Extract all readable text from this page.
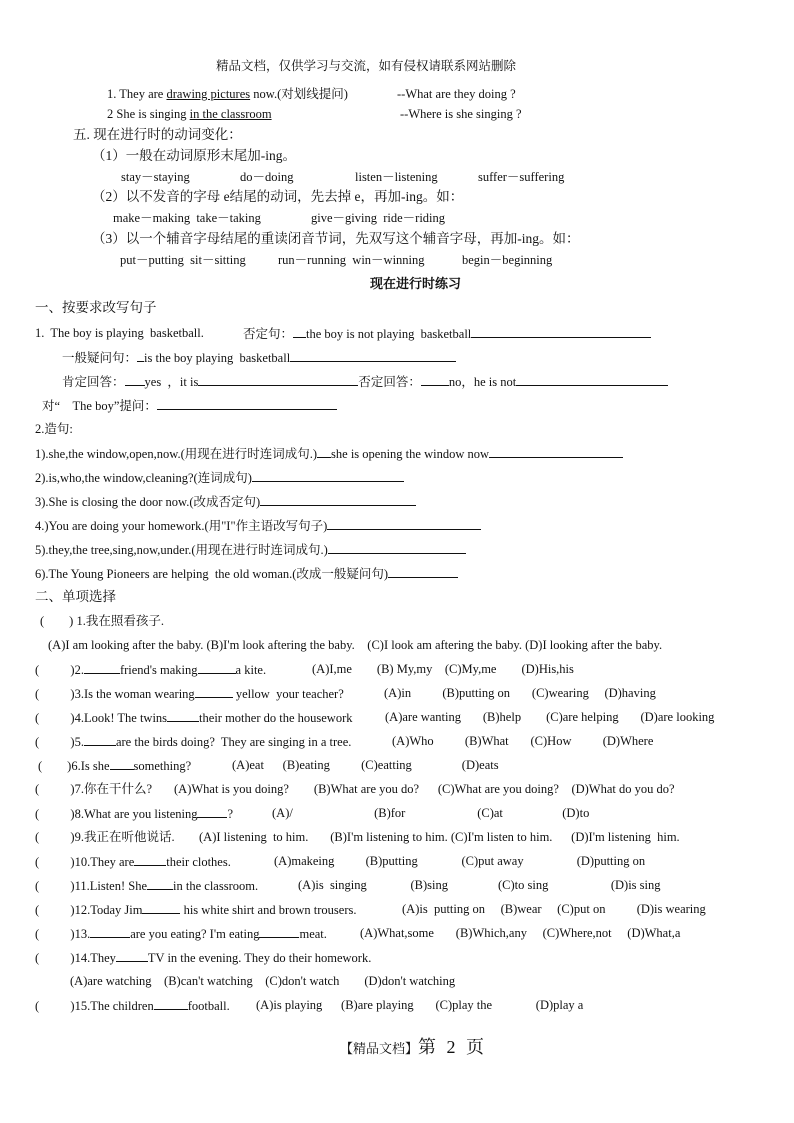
精品文档，仅供学习与交流，如有侵权请联系网站删除
1. They are drawing pictures now.(对划线提问)	--What are they doing ?
2 She is singing in the classroom	--Where is she singing ?
五. 现在进行时的动词变化：
（1）一般在动词原形末尾加-ing。
stay－staying	do－doing	listen－listening	suffer－suffering
（2）以不发音的字母 e结尾的动词，先去掉 e，再加-ing。如：
make－making  take－taking	give－giving  ride－riding
（3）以一个辅音字母结尾的重读闭音节词，先双写这个辅音字母，再加-ing。如：
put－putting  sit－sitting	run－running  win－winning	begin－beginning
现在进行时练习
一、按要求改写句子
1.  The boy is playing  basketball.	否定句： the boy is not playing  basketball
一般疑问句： is the boy playing  basketball
肯定回答： yes  ，it is	否定回答： no，he is not
对“    The boy”提问：
2.造句:
1).she,the window,open,now.(用现在进行时连词成句.) she is opening the window now
2).is,who,the window,cleaning?(连词成句)
3).She is closing the door now.(改成否定句)
4.)You are doing your homework.(用"I"作主语改写句子)
5).they,the tree,sing,now,under.(用现在进行时连词成句.)
6).The Young Pioneers are helping  the old woman.(改成一般疑问句)
二、单项选择
(        ) 1.我在照看孩子.
(A)I am looking after the baby. (B)I'm look aftering the baby.    (C)I look am aftering the baby. (D)I looking after the baby.
(          )2.	friend's making	a kite.	(A)I,me        (B) My,my    (C)My,me        (D)His,his
(          )3.Is the woman wearing	yellow  your teacher?	(A)in          (B)putting on       (C)wearing     (D)having
(          )4.Look! The twins	their mother do the housework	(A)are wanting       (B)help        (C)are helping       (D)are looking
(          )5.	are the birds doing?  They are singing in a tree.	(A)Who          (B)What       (C)How          (D)Where
(        )6.Is she something?	(A)eat      (B)eating          (C)eatting                (D)eats
(          )7.你在干什么? (A)What is you doing?        (B)What are you do?      (C)What are you doing?    (D)What do you do?
(          )8.What are you listening ?	(A)/                          (B)for                       (C)at                   (D)to
(          )9.我正在听他说话. (A)I listening  to him.       (B)I'm listening to him. (C)I'm listen to him.      (D)I'm listening  him.
(          )10.They are	their clothes.	(A)makeing          (B)putting              (C)put away                 (D)putting on
(          )11.Listen! She in the classroom.	(A)is  singing              (B)sing                (C)to sing                    (D)is sing
(          )12.Today Jim	his white shirt and brown trousers.	(A)is  putting on     (B)wear     (C)put on          (D)is wearing
(          )13.	are you eating? I'm eating	meat.	(A)What,some       (B)Which,any     (C)Where,not     (D)What,a
(          )14.They	TV in the evening. They do their homework.
(A)are watching    (B)can't watching    (C)don't watch        (D)don't watching
(          )15.The children	football. (A)is playing      (B)are playing       (C)play the              (D)play a
【精品文档】第 2 页
